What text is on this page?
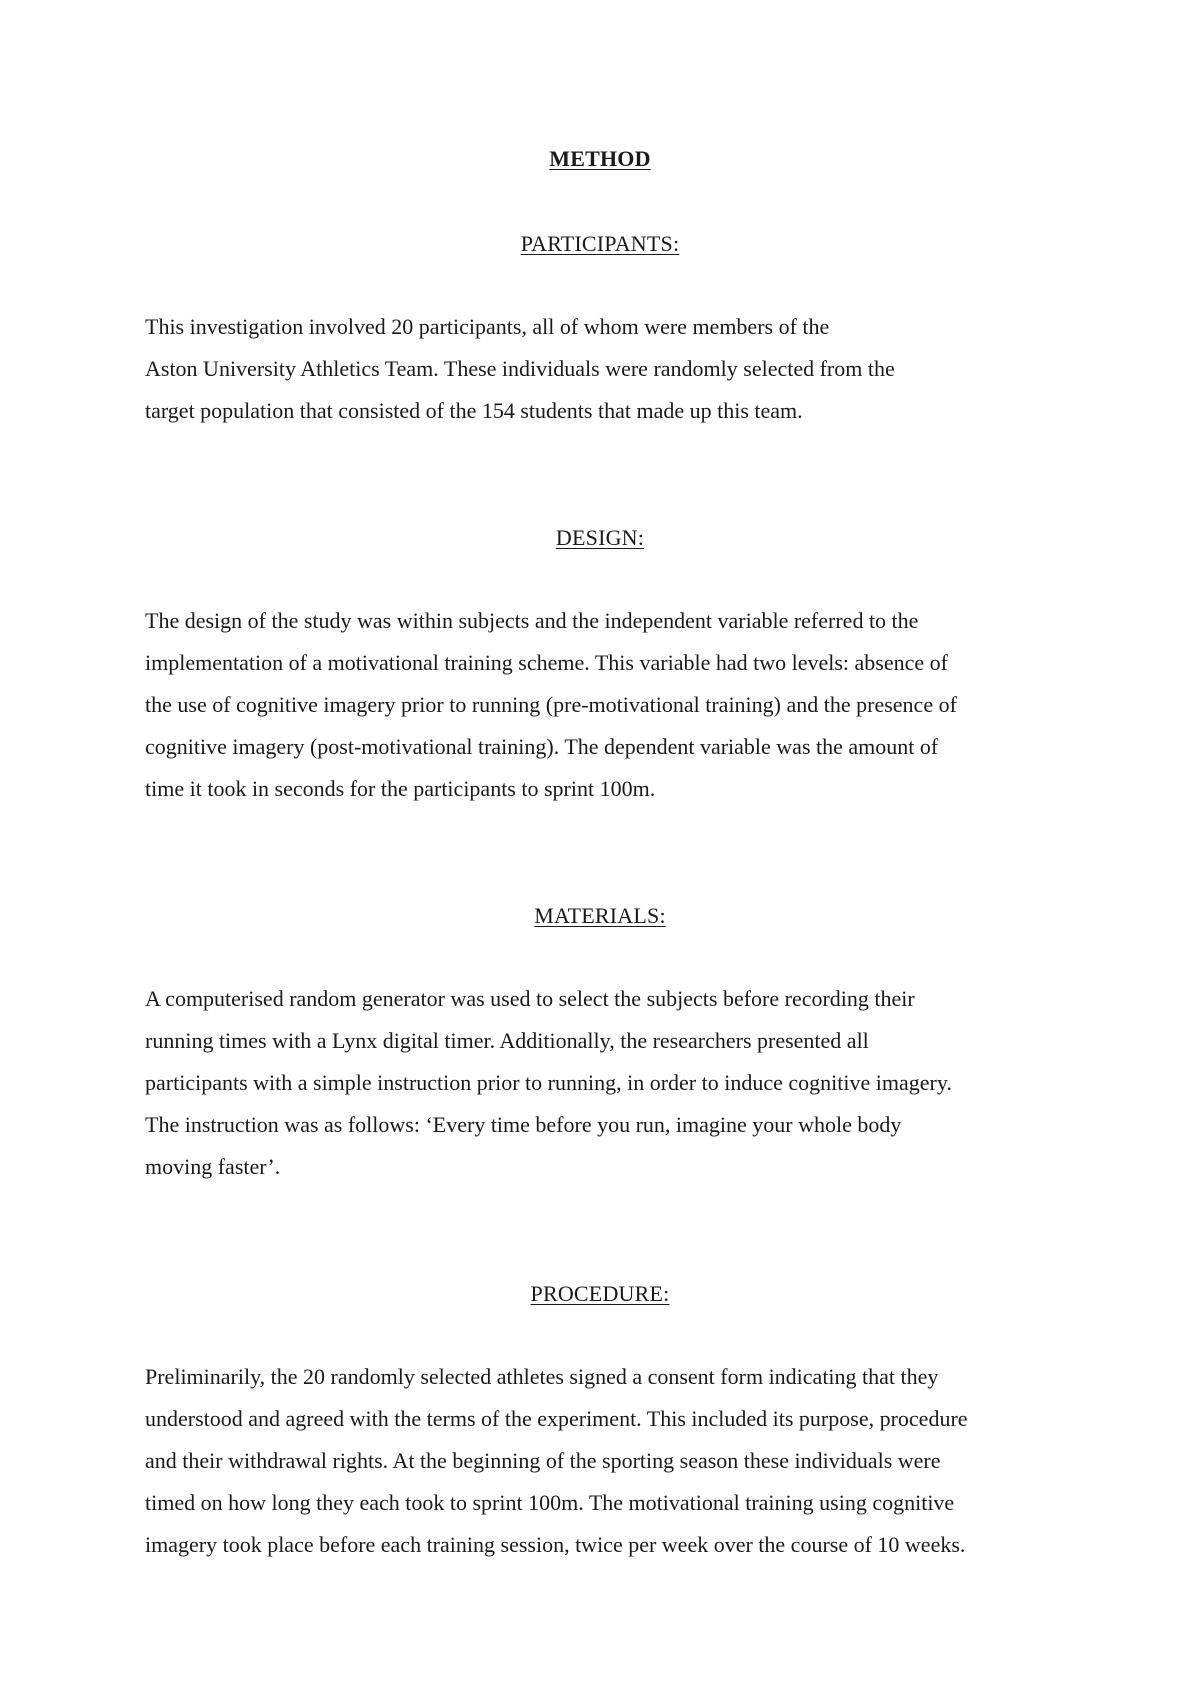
METHOD
PARTICIPANTS:
This investigation involved 20 participants, all of whom were members of the
Aston University Athletics Team. These individuals were randomly selected from the
target population that consisted of the 154 students that made up this team.
DESIGN:
The design of the study was within subjects and the independent variable referred to the
implementation of a motivational training scheme. This variable had two levels: absence of
the use of cognitive imagery prior to running (pre-motivational training) and the presence of
cognitive imagery (post-motivational training). The dependent variable was the amount of
time it took in seconds for the participants to sprint 100m.
MATERIALS:
A computerised random generator was used to select the subjects before recording their
running times with a Lynx digital timer. Additionally, the researchers presented all
participants with a simple instruction prior to running, in order to induce cognitive imagery.
The instruction was as follows: ‘Every time before you run, imagine your whole body
moving faster’.
PROCEDURE:
Preliminarily, the 20 randomly selected athletes signed a consent form indicating that they
understood and agreed with the terms of the experiment. This included its purpose, procedure
and their withdrawal rights. At the beginning of the sporting season these individuals were
timed on how long they each took to sprint 100m. The motivational training using cognitive
imagery took place before each training session, twice per week over the course of 10 weeks.
